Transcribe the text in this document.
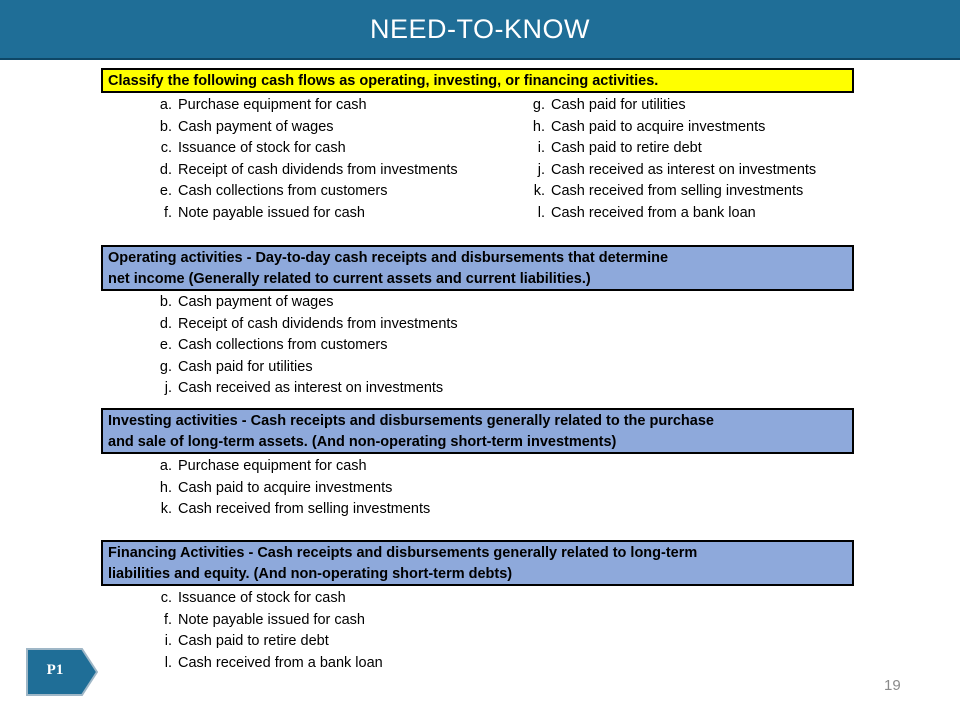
NEED-TO-KNOW
Classify the following cash flows as operating, investing, or financing activities.
a. Purchase equipment for cash
b. Cash payment of wages
c. Issuance of stock for cash
d. Receipt of cash dividends from investments
e. Cash collections from customers
f. Note payable issued for cash
g. Cash paid for utilities
h. Cash paid to acquire investments
i. Cash paid to retire debt
j. Cash received as interest on investments
k. Cash received from selling investments
l. Cash received from a bank loan
Operating activities - Day-to-day cash receipts and disbursements that determine
net income (Generally related to current assets and current liabilities.)
b. Cash payment of wages
d. Receipt of cash dividends from investments
e. Cash collections from customers
g. Cash paid for utilities
j. Cash received as interest on investments
Investing activities - Cash receipts and disbursements generally related to the purchase
and sale of long-term assets. (And non-operating short-term investments)
a. Purchase equipment for cash
h. Cash paid to acquire investments
k. Cash received from selling investments
Financing Activities - Cash receipts and disbursements generally related to long-term
liabilities and equity. (And non-operating short-term debts)
c. Issuance of stock for cash
f. Note payable issued for cash
i. Cash paid to retire debt
l. Cash received from a bank loan
P1
19
